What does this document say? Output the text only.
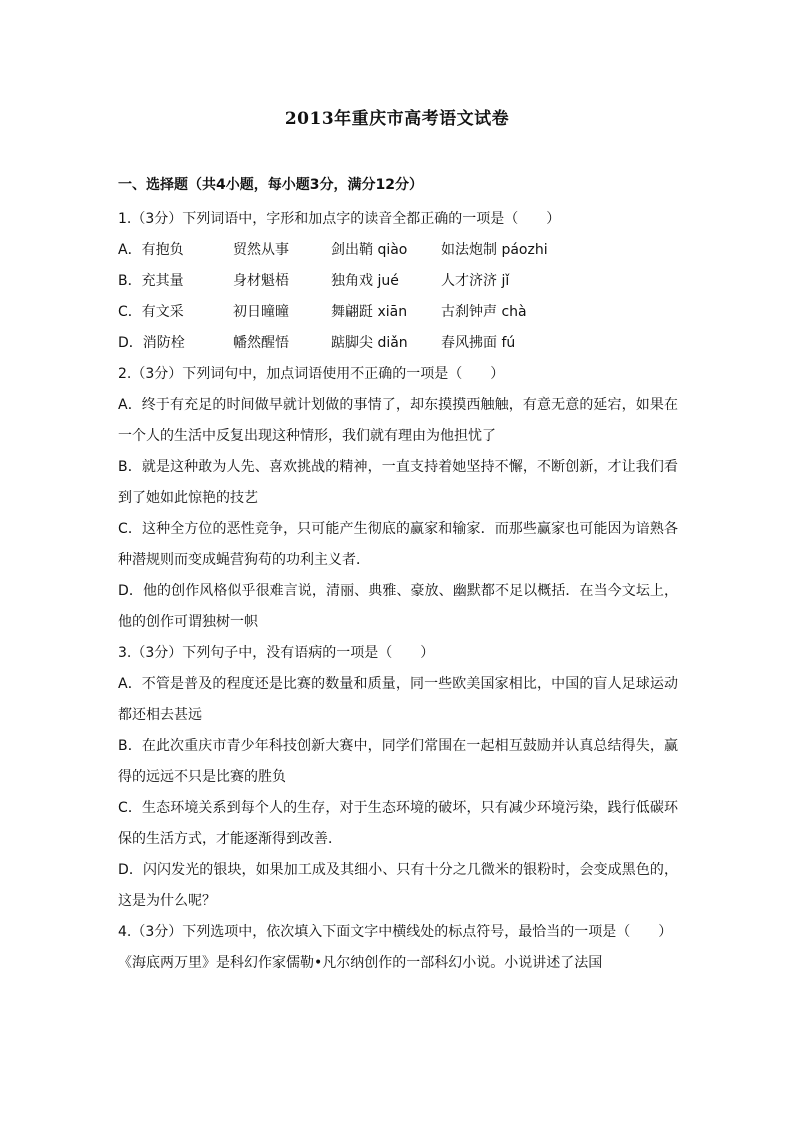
2013年重庆市高考语文试卷
一、选择题（共4小题，每小题3分，满分12分）
1.（3分）下列词语中，字形和加点字的读音全都正确的一项是（　　）
A．有抱负	贸然从事	剑出鞘 qiào	如法炮制 páozhi
B．充其量	身材魁梧	独角戏 jué	人才济济 jǐ
C．有文采	初日曈曈	舞翩跹 xiān	古刹钟声 chà
D．消防栓	幡然醒悟	踮脚尖 diǎn	春风拂面 fú
2.（3分）下列词句中，加点词语使用不正确的一项是（　　）
A．终于有充足的时间做早就计划做的事情了，却东摸摸西触触，有意无意的延宕，如果在一个人的生活中反复出现这种情形，我们就有理由为他担忧了
B．就是这种敢为人先、喜欢挑战的精神，一直支持着她坚持不懈，不断创新，才让我们看到了她如此惊艳的技艺
C．这种全方位的恶性竞争，只可能产生彻底的赢家和输家．而那些赢家也可能因为谙熟各种潜规则而变成蝇营狗苟的功利主义者．
D．他的创作风格似乎很难言说，清丽、典雅、豪放、幽默都不足以概括．在当今文坛上，他的创作可谓独树一帜
3.（3分）下列句子中，没有语病的一项是（　　）
A．不管是普及的程度还是比赛的数量和质量，同一些欧美国家相比，中国的盲人足球运动都还相去甚远
B．在此次重庆市青少年科技创新大赛中，同学们常围在一起相互鼓励并认真总结得失，赢得的远远不只是比赛的胜负
C．生态环境关系到每个人的生存，对于生态环境的破坏，只有减少环境污染，践行低碳环保的生活方式，才能逐渐得到改善．
D．闪闪发光的银块，如果加工成及其细小、只有十分之几微米的银粉时，会变成黑色的，这是为什么呢？
4.（3分）下列选项中，依次填入下面文字中横线处的标点符号，最恰当的一项是（　　）
《海底两万里》是科幻作家儒勒•凡尔纳创作的一部科幻小说。小说讲述了法国
